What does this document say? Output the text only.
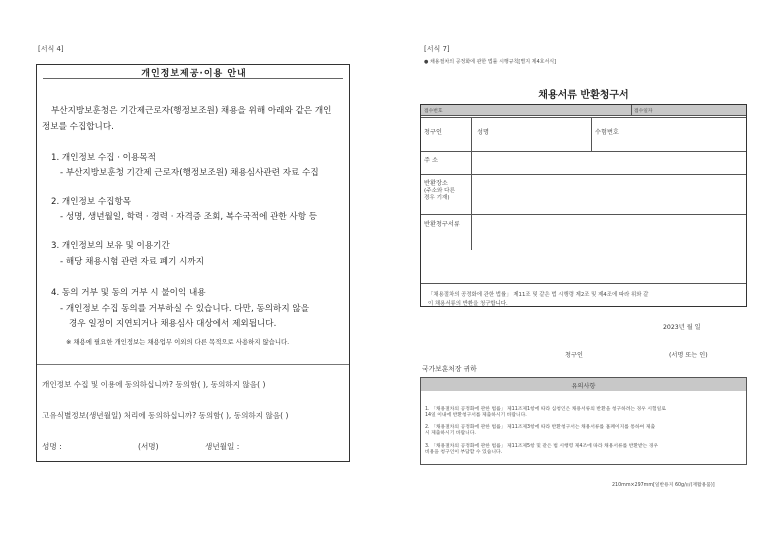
[서식 4]
개인정보제공·이용 안내
부산지방보훈청은 기간제근로자(행정보조원) 채용을 위해 아래와 같은 개인
정보를 수집합니다.
1. 개인정보 수집 · 이용목적
- 부산지방보훈청 기간제 근로자(행정보조원) 채용심사관련 자료 수집
2. 개인정보 수집항목
- 성명, 생년월일, 학력 · 경력 · 자격증 조회, 복수국적에 관한 사항 등
3. 개인정보의 보유 및 이용기간
- 해당 채용시험 관련 자료 폐기 시까지
4. 동의 거부 및 동의 거부 시 불이익 내용
- 개인정보 수집 동의를 거부하실 수 있습니다. 다만, 동의하지 않을
경우 일정이 지연되거나 채용심사 대상에서 제외됩니다.
※ 채용에 필요한 개인정보는 채용업무 이외의 다른 목적으로 사용하지 않습니다.
개인정보 수집 및 이용에 동의하십니까? 동의함( ), 동의하지 않음( )
고유식별정보(생년월일) 처리에 동의하십니까? 동의함( ), 동의하지 않음( )
성명 :	(서명)	생년월일 :
[서식 7]
● 채용절차의 공정화에 관한 법률 시행규칙[별지 제4호서식]
채용서류 반환청구서
접수번호	접수일자
청구인	성명	수험번호
주 소
반환장소
(주소와 다른
경우 기재)
반환청구서류
「채용절차의 공정화에 관한 법률」 제11조 및 같은 법 시행령 제2조 및 제4조에 따라 위와 같
이 채용서류의 반환을 청구합니다.
2023년 월 일
청구인	(서명 또는 인)
국가보훈처장 귀하
유의사항
1. 「채용절차의 공정화에 관한 법률」 제11조제1항에 따라 심청인은 채용서류의 반환을 청구하려는 경우 시험일로
14일 이내에 반환청구서를 제출하시기 바랍니다.
2. 「채용절차의 공정화에 관한 법률」 제11조제3항에 따라 반환청구서는 채용서류를 홈페이지를 통하여 제출
시 제출하시기 바랍니다.
3. 「채용절차의 공정화에 관한 법률」 제11조제5항 및 같은 법 시행령 제4조에 따라 채용서류를 반환받는 경우
비용을 청구인이 부담할 수 있습니다.
210mm×297mm[일반용지 60g/㎡(재활용품)]
